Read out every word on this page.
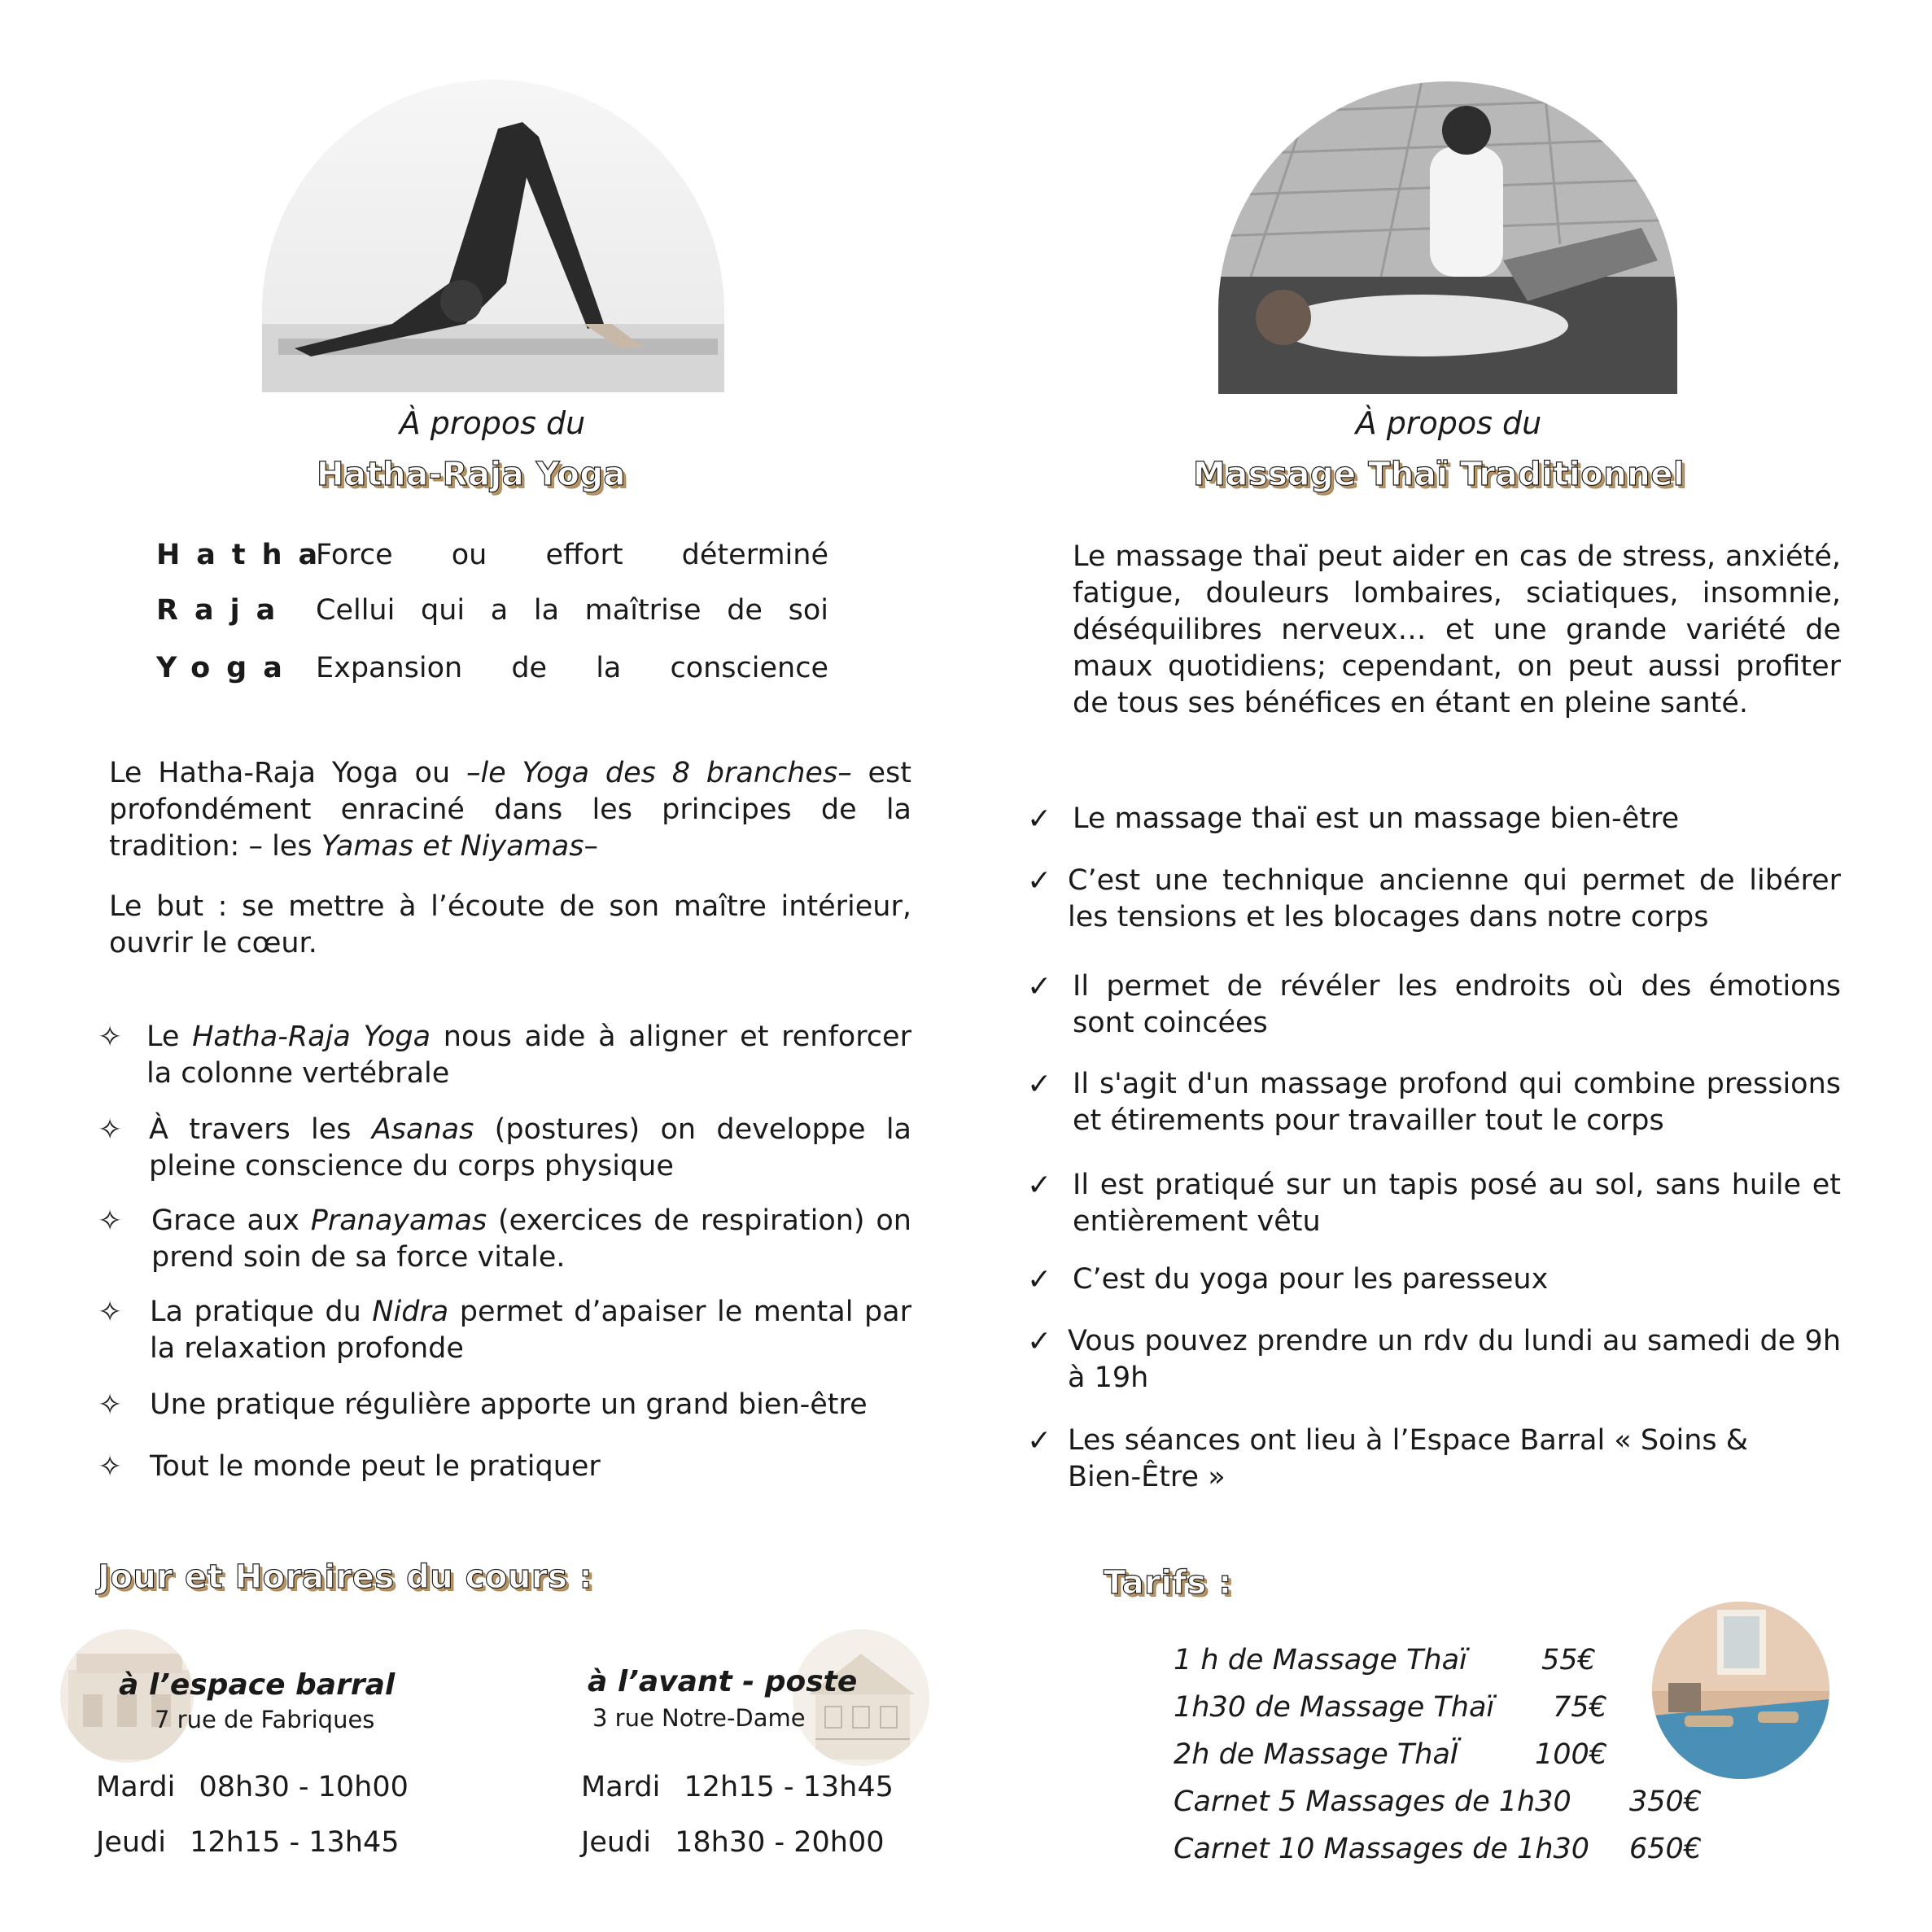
À propos du
Hatha-Raja Yoga
Hatha
Force ou effort déterminé
Raja Cellui qui a la maîtrise de soi
Yoga Expansion de la conscience
Le Hatha-Raja Yoga ou –le Yoga des 8 branches– est profondément enraciné dans les principes de la tradition: – les Yamas et Niyamas–
Le but : se mettre à l’écoute de son maître intérieur, ouvrir le cœur.
✧ Le Hatha-Raja Yoga nous aide à aligner et renforcer la colonne vertébrale
✧ À travers les Asanas (postures) on developpe la pleine conscience du corps physique
✧ Grace aux Pranayamas (exercices de respiration) on prend soin de sa force vitale.
✧ La pratique du Nidra permet d’apaiser le mental par la relaxation profonde
✧ Une pratique régulière apporte un grand bien-être
✧ Tout le monde peut le pratiquer
À propos du
Massage Thaï Traditionnel
Le massage thaï peut aider en cas de stress, anxiété, fatigue, douleurs lombaires, sciatiques, insomnie, déséquilibres nerveux… et une grande variété de maux quotidiens; cependant, on peut aussi profiter de tous ses bénéfices en étant en pleine santé.
✓ Le massage thaï est un massage bien-être
✓ C’est une technique ancienne qui permet de libérer les tensions et les blocages dans notre corps
✓ Il permet de révéler les endroits où des émotions sont coincées
✓ Il s'agit d'un massage profond qui combine pressions et étirements pour travailler tout le corps
✓ Il est pratiqué sur un tapis posé au sol, sans huile et entièrement vêtu
✓ C’est du yoga pour les paresseux
✓ Vous pouvez prendre un rdv du lundi au samedi de 9h à 19h
✓ Les séances ont lieu à l’Espace Barral « Soins & Bien-Être »
Jour et Horaires du cours :
à l’espace barral
7 rue de Fabriques
Mardi 08h30 - 10h00
Jeudi 12h15 - 13h45
à l’avant - poste
3 rue Notre-Dame
Mardi 12h15 - 13h45
Jeudi 18h30 - 20h00
Tarifs :
1 h de Massage Thaï	55€
1h30 de Massage Thaï 75€
2h de Massage ThaÏ	100€
Carnet 5 Massages de 1h30 350€
Carnet 10 Massages de 1h30 650€
